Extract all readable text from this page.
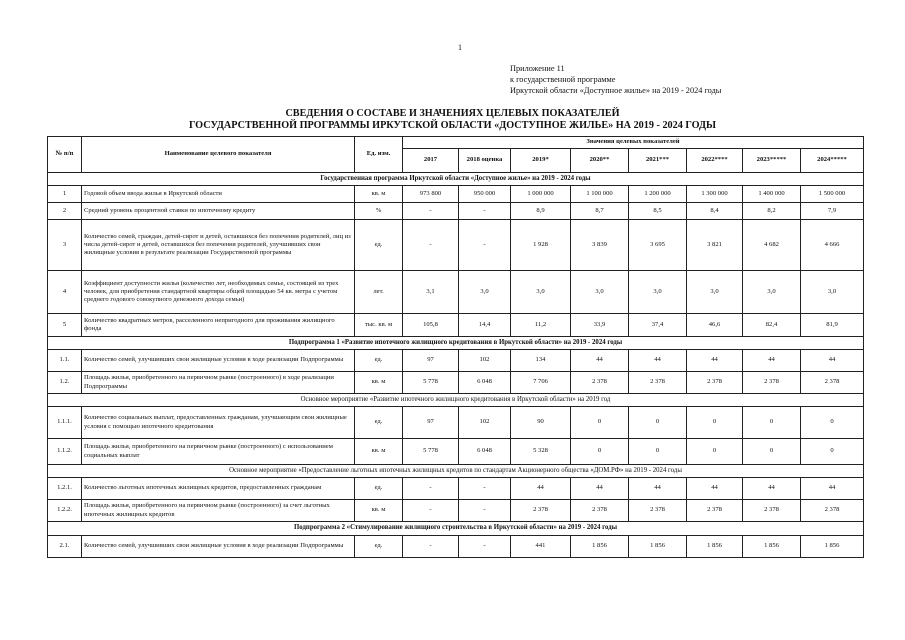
1
Приложение 11
к государственной программе
Иркутской области «Доступное жилье» на 2019 - 2024 годы
СВЕДЕНИЯ О СОСТАВЕ И ЗНАЧЕНИЯХ ЦЕЛЕВЫХ ПОКАЗАТЕЛЕЙ
ГОСУДАРСТВЕННОЙ ПРОГРАММЫ ИРКУТСКОЙ ОБЛАСТИ «ДОСТУПНОЕ ЖИЛЬЕ» НА 2019 - 2024 ГОДЫ
№ п/п	Наименование целевого показателя	Ед. изм.	Значения целевых показателей							
			2017	2018 оценка	2019*	2020**	2021***	2022****	2023*****	2024*****
Государственная программа Иркутской области «Доступное жилье» на 2019 - 2024 годы										
1	Годовой объем ввода жилья в Иркутской области	кв. м	973 800	950 000	1 000 000	1 100 000	1 200 000	1 300 000	1 400 000	1 500 000
2	Средний уровень процентной ставки по ипотечному кредиту	%	-	-	8,9	8,7	8,5	8,4	8,2	7,9
3	Количество семей, граждан, детей-сирот и детей, оставшихся без попечения родителей, лиц из числа детей-сирот и детей, оставшихся без попечения родителей, улучшивших свои жилищные условия в результате реализации Государственной программы	ед.	-	-	1 928	3 839	3 695	3 821	4 682	4 666
4	Коэффициент доступности жилья (количество лет, необходимых семье, состоящей из трех человек, для приобретения стандартной квартиры общей площадью 54 кв. метра с учетом среднего годового совокупного денежного дохода семьи)	лет.	3,1	3,0	3,0	3,0	3,0	3,0	3,0	3,0
5	Количество квадратных метров, расселенного непригодного для проживания жилищного фонда	тыс. кв. м	105,8	14,4	11,2	33,9	37,4	46,6	82,4	81,9
Подпрограмма 1 «Развитие ипотечного жилищного кредитования в Иркутской области» на 2019 - 2024 годы										
1.1.	Количество семей, улучшивших свои жилищные условия в ходе реализации Подпрограммы	ед.	97	102	134	44	44	44	44	44
1.2.	Площадь жилья, приобретенного на первичном рынке (построенного) в ходе реализации Подпрограммы	кв. м	5 778	6 048	7 706	2 378	2 378	2 378	2 378	2 378
Основное мероприятие «Развитие ипотечного жилищного кредитования в Иркутской области» на 2019 год										
1.1.1.	Количество социальных выплат, предоставленных гражданам, улучшающим свои жилищные условия с помощью ипотечного кредитования	ед.	97	102	90	0	0	0	0	0
1.1.2.	Площадь жилья, приобретенного на первичном рынке (построенного) с использованием социальных выплат	кв. м	5 778	6 048	5 328	0	0	0	0	0
Основное мероприятие «Предоставление льготных ипотечных жилищных кредитов по стандартам Акционерного общества «ДОМ.РФ» на 2019 - 2024 годы										
1.2.1.	Количество льготных ипотечных жилищных кредитов, предоставленных гражданам	ед.	-	-	44	44	44	44	44	44
1.2.2.	Площадь жилья, приобретенного на первичном рынке (построенного) за счет льготных ипотечных жилищных кредитов	кв. м	-	-	2 378	2 378	2 378	2 378	2 378	2 378
Подпрограмма 2 «Стимулирование жилищного строительства в Иркутской области» на 2019 - 2024 годы										
2.1.	Количество семей, улучшивших свои жилищные условия в ходе реализации Подпрограммы	ед.	-	-	441	1 856	1 856	1 856	1 856	1 856
